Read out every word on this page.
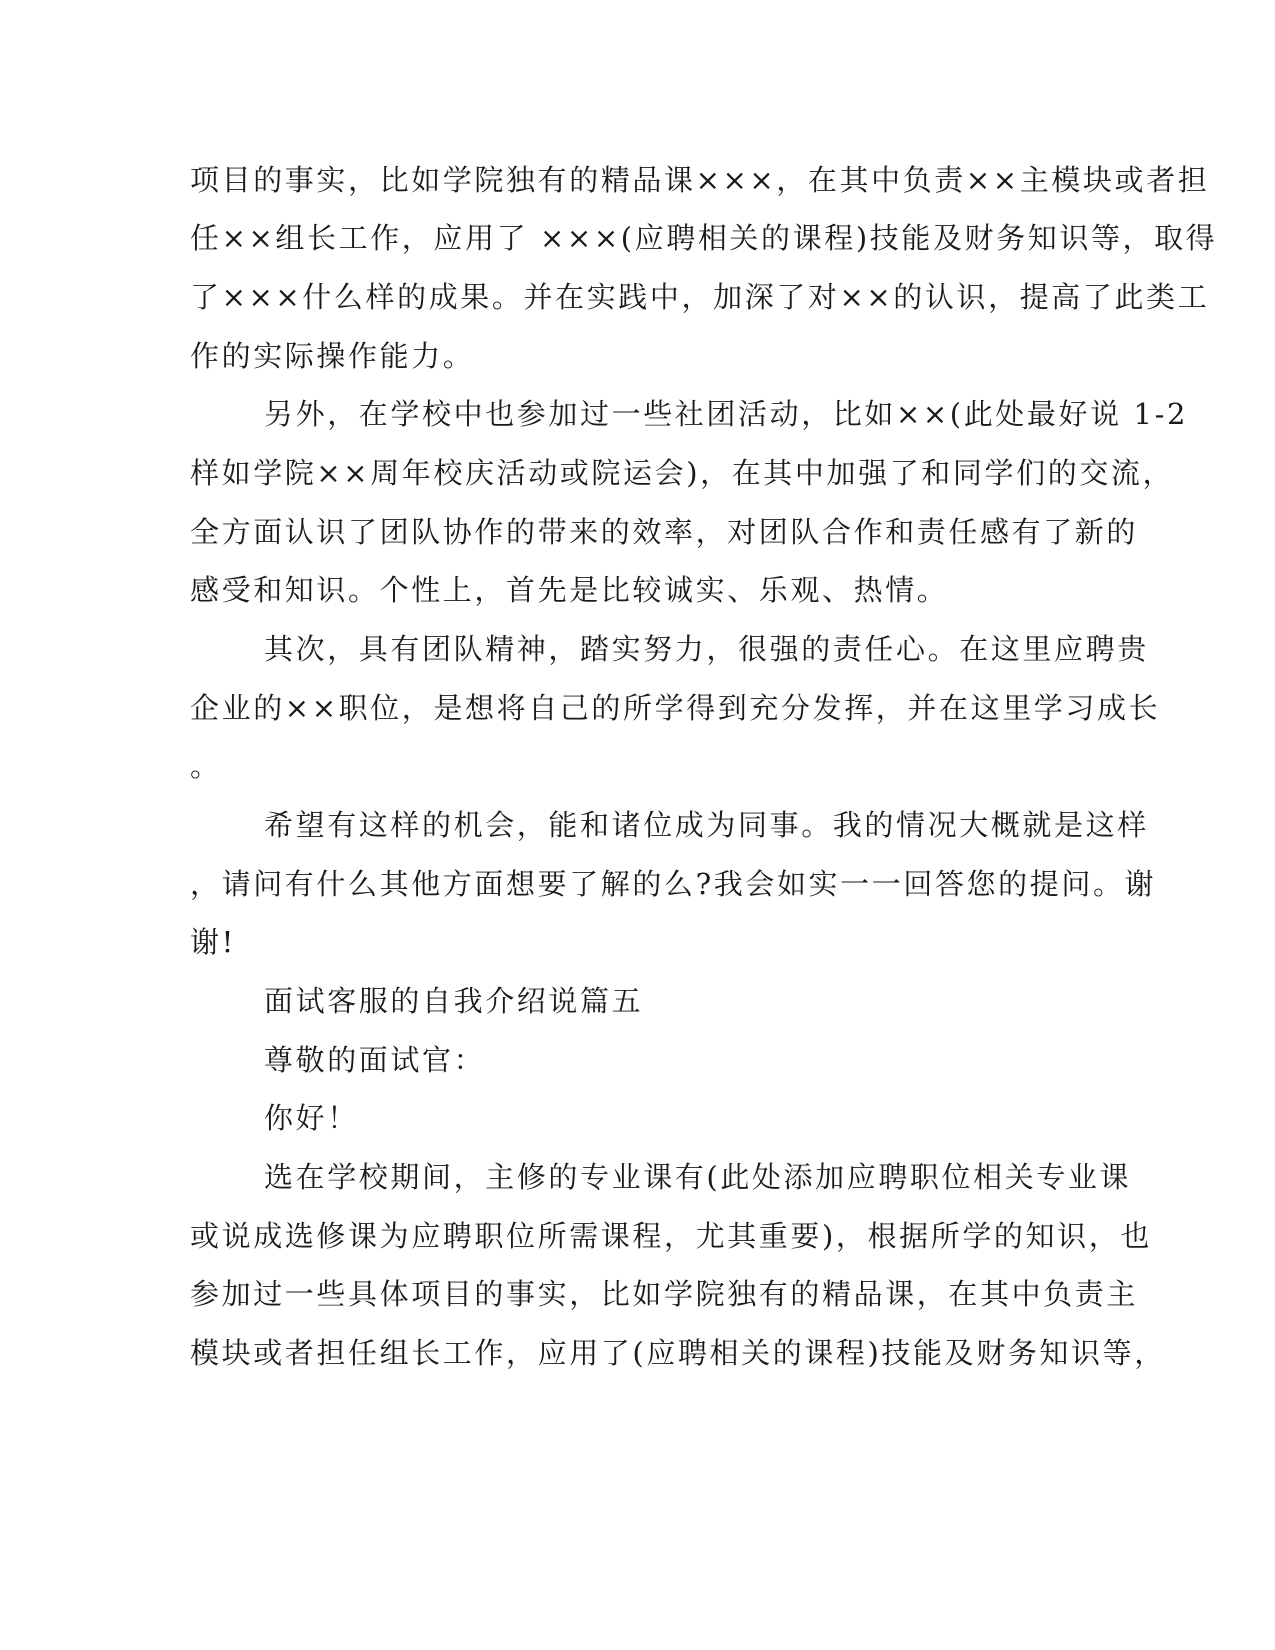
项目的事实，比如学院独有的精品课×××，在其中负责××主模块或者担
任××组长工作，应用了 ×××(应聘相关的课程)技能及财务知识等，取得
了×××什么样的成果。并在实践中，加深了对××的认识，提高了此类工
作的实际操作能力。
另外，在学校中也参加过一些社团活动，比如××(此处最好说 1-2
样如学院××周年校庆活动或院运会)，在其中加强了和同学们的交流，
全方面认识了团队协作的带来的效率，对团队合作和责任感有了新的
感受和知识。个性上，首先是比较诚实、乐观、热情。
其次，具有团队精神，踏实努力，很强的责任心。在这里应聘贵
企业的××职位，是想将自己的所学得到充分发挥，并在这里学习成长
。
希望有这样的机会，能和诸位成为同事。我的情况大概就是这样
，请问有什么其他方面想要了解的么?我会如实一一回答您的提问。谢
谢!
面试客服的自我介绍说篇五
尊敬的面试官：
你好！
选在学校期间，主修的专业课有(此处添加应聘职位相关专业课
或说成选修课为应聘职位所需课程，尤其重要)，根据所学的知识，也
参加过一些具体项目的事实，比如学院独有的精品课，在其中负责主
模块或者担任组长工作，应用了(应聘相关的课程)技能及财务知识等，
